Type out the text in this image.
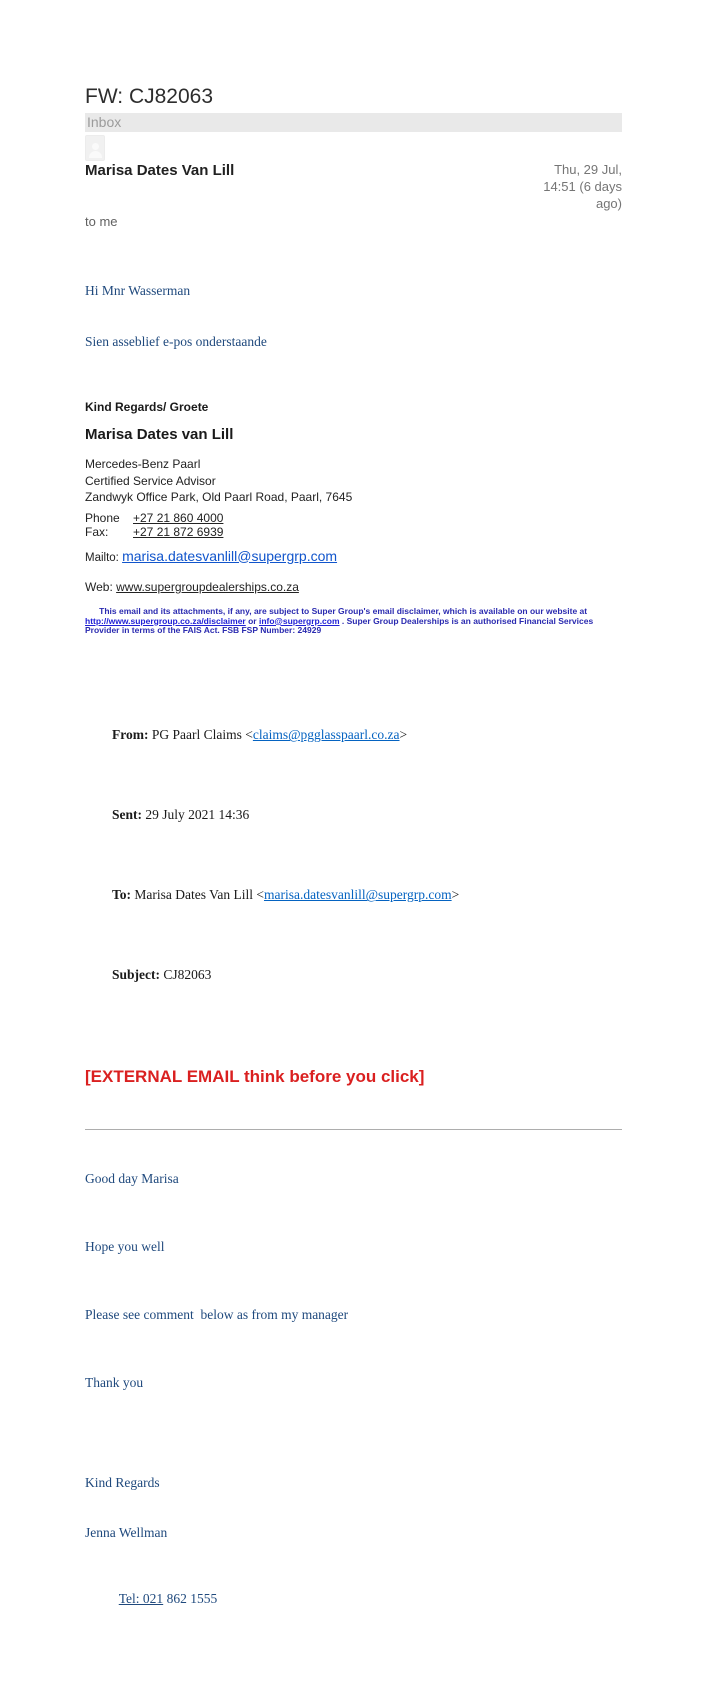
FW: CJ82063
Inbox
Marisa Dates Van Lill	Thu, 29 Jul, 14:51 (6 days ago)
to me

Hi Mnr Wasserman

Sien asseblief e-pos onderstaande

Kind Regards/ Groete
Marisa Dates van Lill
Mercedes-Benz Paarl
Certified Service Advisor
Zandwyk Office Park, Old Paarl Road, Paarl, 7645
Phone	+27 21 860 4000
Fax:	+27 21 872 6939
Mailto: marisa.datesvanlill@supergrp.com
Web: www.supergroupdealerships.co.za

This email and its attachments, if any, are subject to Super Group's email disclaimer, which is available on our website at http://www.supergroup.co.za/disclaimer or info@supergrp.com . Super Group Dealerships is an authorised Financial Services Provider in terms of the FAIS Act. FSB FSP Number: 24929

From: PG Paarl Claims <claims@pgglasspaarl.co.za>

Sent: 29 July 2021 14:36

To: Marisa Dates Van Lill <marisa.datesvanlill@supergrp.com>

Subject: CJ82063

[EXTERNAL EMAIL think before you click]

Good day Marisa

Hope you well

Please see comment  below as from my manager

Thank you

Kind Regards

Jenna Wellman

Tel: 021 862 1555
